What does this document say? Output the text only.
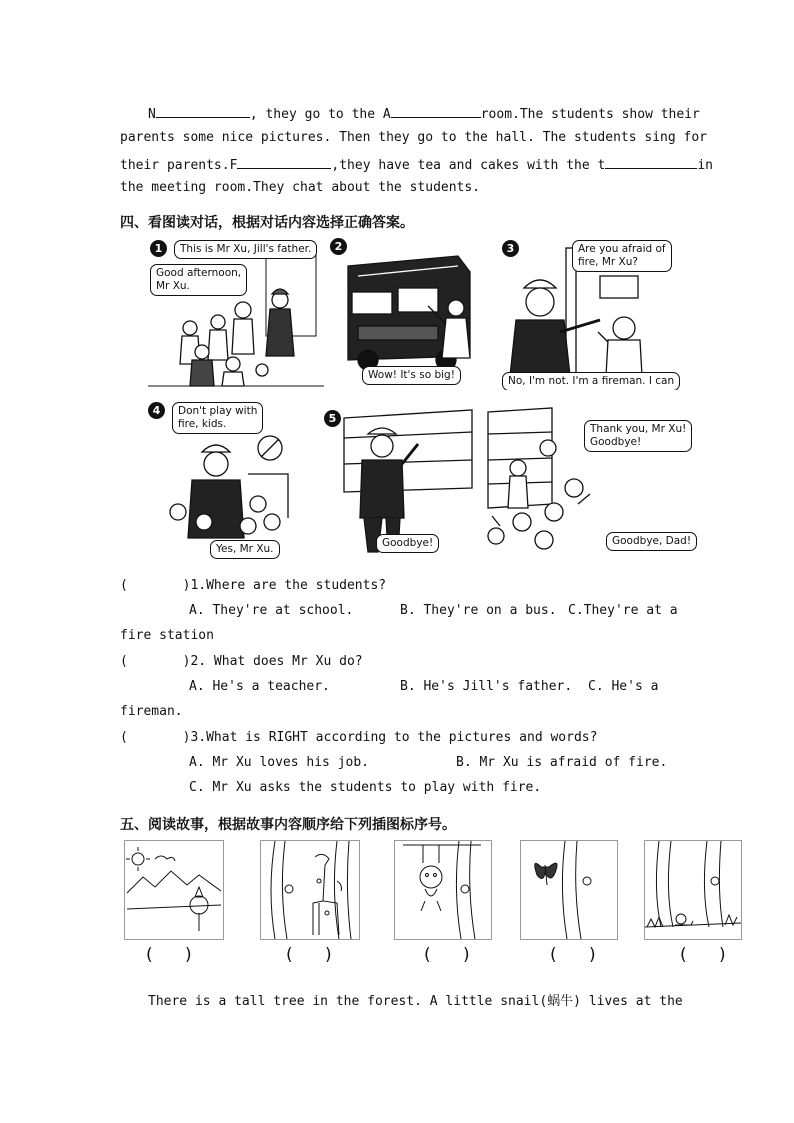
N	, they go to the A	room.The students show their
parents some nice pictures. Then they go to the hall. The students sing for
their parents.F	,they have tea and cakes with the t	in
the meeting room.They chat about the students.
四、看图读对话，根据对话内容选择正确答案。
1	This is Mr Xu, Jill's father.
Good afternoon,
Mr Xu.
2
Wow! It's so big!
3	Are you afraid of
fire, Mr Xu?
No, I'm not. I'm a fireman. I can
4	Don't play with
fire, kids.
Yes, Mr Xu.
5
Goodbye!
Thank you, Mr Xu!
Goodbye!
Goodbye, Dad!
(       )1.Where are the students?
A. They're at school.	B. They're on a bus. C.They're at a
fire station
(       )2. What does Mr Xu do?
A. He's a teacher.	B. He's Jill's father. C. He's a
fireman.
(       )3.What is RIGHT according to the pictures and words?
A. Mr Xu loves his job.	B. Mr Xu is afraid of fire.
C. Mr Xu asks the students to play with fire.
五、阅读故事，根据故事内容顺序给下列插图标序号。
(      )	(      )	(      )	(      )	(      )
There is a tall tree in the forest. A little snail(蜗牛) lives at the
